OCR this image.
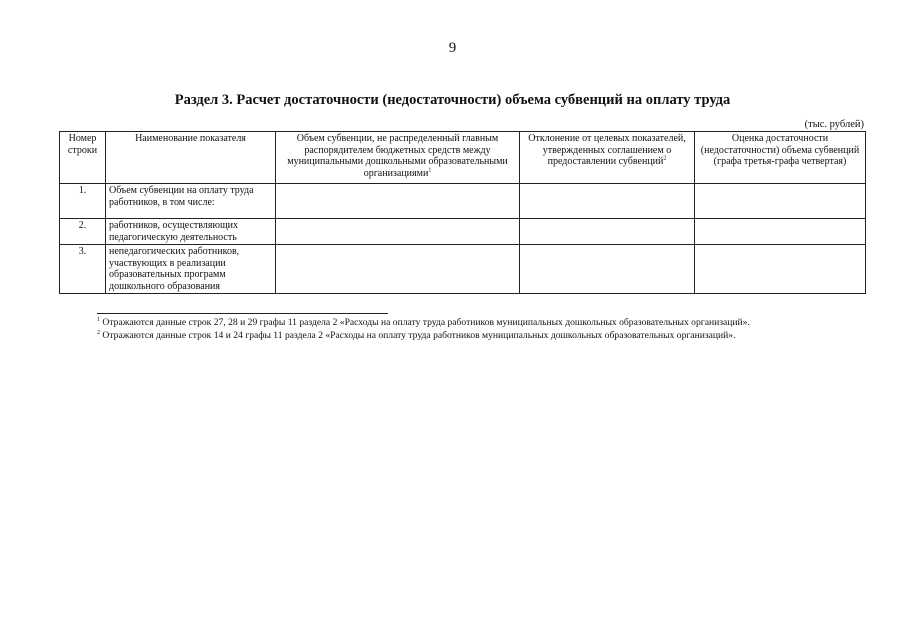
9
Раздел 3. Расчет достаточности (недостаточности) объема субвенций на оплату труда
(тыс. рублей)
Номер строки	Наименование показателя	Объем субвенции, не распределенный главным распорядителем бюджетных средств между муниципальными дошкольными образовательными организациями$^1$	Отклонение от целевых показателей, утвержденных соглашением о предоставлении субвенций$^2$	Оценка достаточности (недостаточности) объема субвенций (графа третья-графа четвертая)
1.	Объем субвенции на оплату труда работников, в том числе:			
2.	работников, осуществляющих педагогическую деятельность			
3.	непедагогических работников, участвующих в реализации образовательных программ дошкольного образования			
$^1$ Отражаются данные строк 27, 28 и 29 графы 11 раздела 2 «Расходы на оплату труда работников муниципальных дошкольных образовательных организаций».
$^2$ Отражаются данные строк 14 и 24 графы 11 раздела 2 «Расходы на оплату труда работников муниципальных дошкольных образовательных организаций».
